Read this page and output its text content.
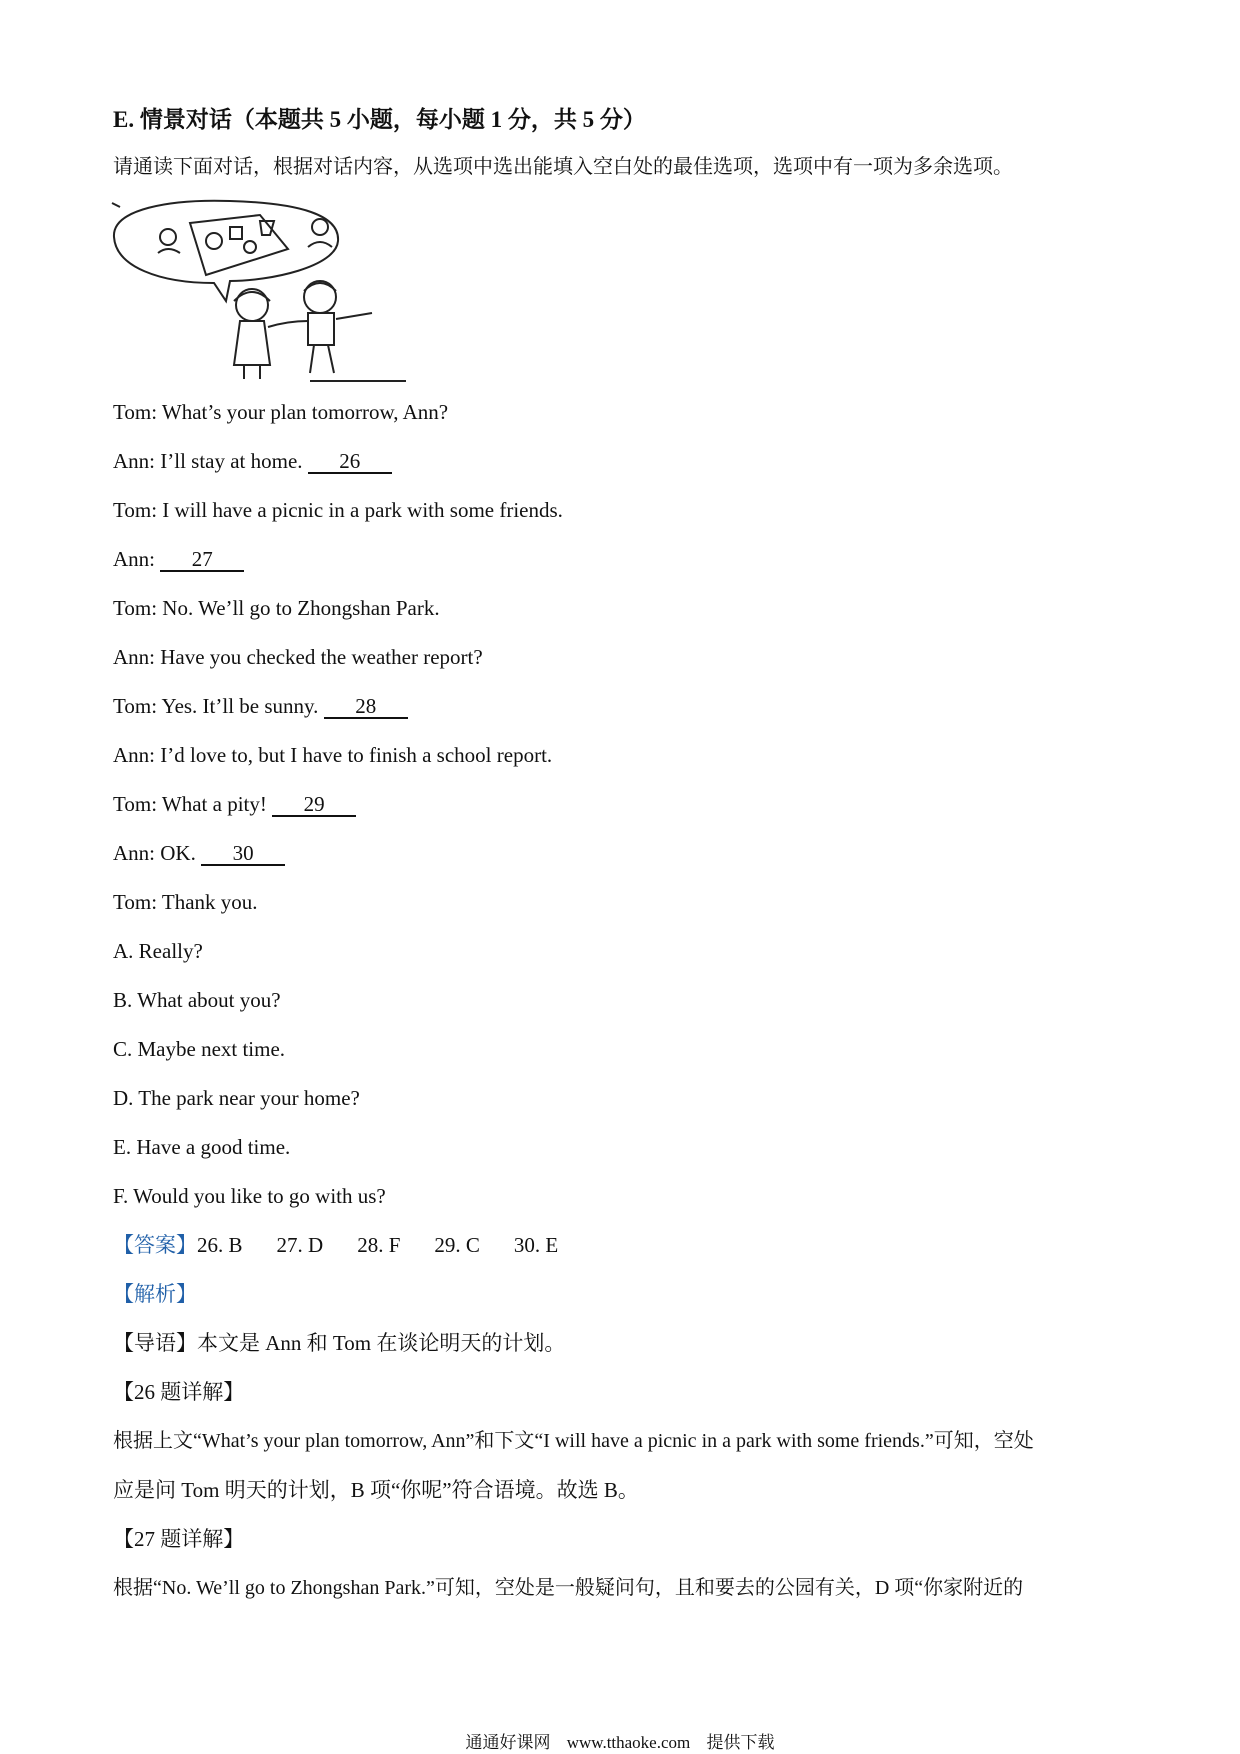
E. 情景对话（本题共 5 小题，每小题 1 分，共 5 分）
请通读下面对话，根据对话内容，从选项中选出能填入空白处的最佳选项，选项中有一项为多余选项。
Tom: What’s your plan tomorrow, Ann?
Ann: I’ll stay at home. 26
Tom: I will have a picnic in a park with some friends.
Ann: 27
Tom: No. We’ll go to Zhongshan Park.
Ann: Have you checked the weather report?
Tom: Yes. It’ll be sunny. 28
Ann: I’d love to, but I have to finish a school report.
Tom: What a pity! 29
Ann: OK. 30
Tom: Thank you.
A. Really?
B. What about you?
C. Maybe next time.
D. The park near your home?
E. Have a good time.
F. Would you like to go with us?
【答案】26. B 27. D 28. F 29. C 30. E
【解析】
【导语】本文是 Ann 和 Tom 在谈论明天的计划。
【26 题详解】
根据上文“What’s your plan tomorrow, Ann”和下文“I will have a picnic in a park with some friends.”可知，空处
应是问 Tom 明天的计划，B 项“你呢”符合语境。故选 B。
【27 题详解】
根据“No. We’ll go to Zhongshan Park.”可知，空处是一般疑问句，且和要去的公园有关，D 项“你家附近的
通通好课网 www.tthaoke.com 提供下载
